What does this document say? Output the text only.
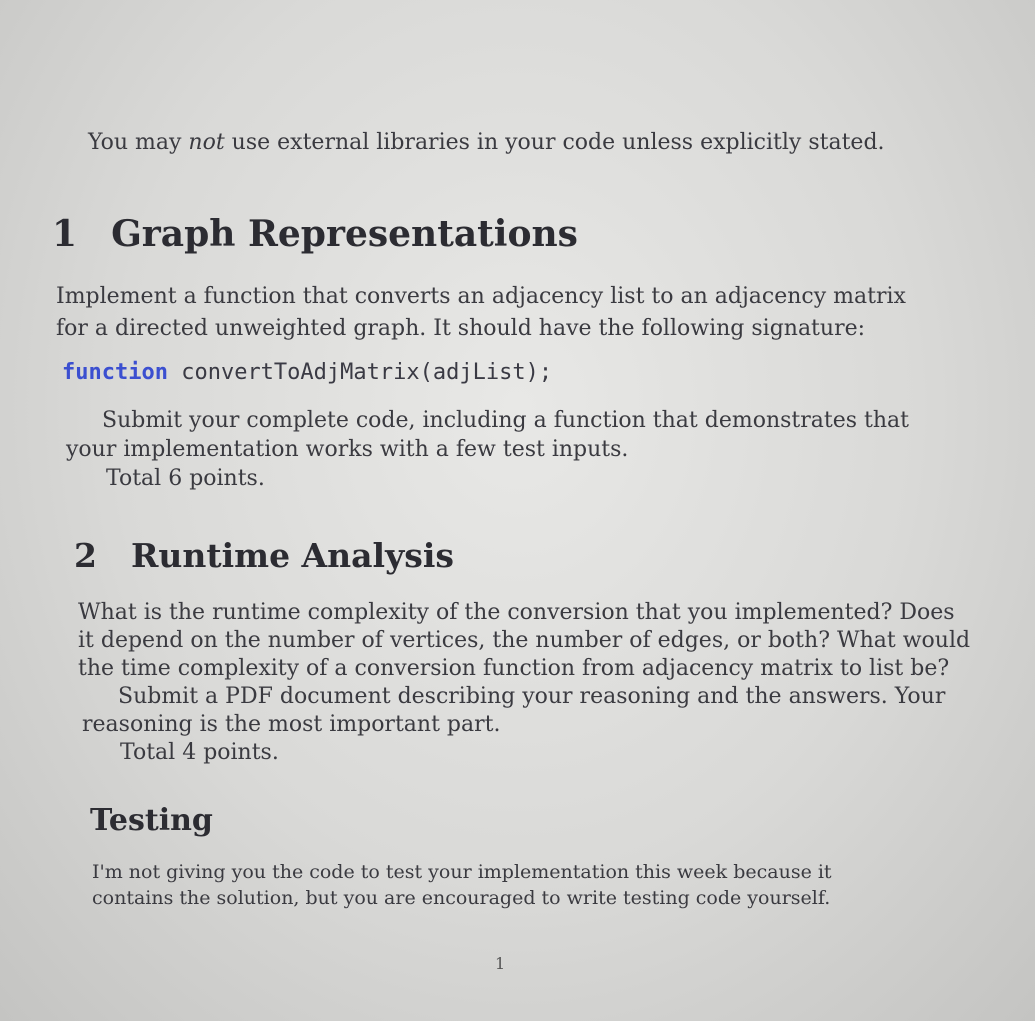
You may not use external libraries in your code unless explicitly stated.
1 Graph Representations
Implement a function that converts an adjacency list to an adjacency matrix
for a directed unweighted graph. It should have the following signature:
function convertToAdjMatrix(adjList);
Submit your complete code, including a function that demonstrates that
your implementation works with a few test inputs.
Total 6 points.
2 Runtime Analysis
What is the runtime complexity of the conversion that you implemented? Does
it depend on the number of vertices, the number of edges, or both? What would
the time complexity of a conversion function from adjacency matrix to list be?
Submit a PDF document describing your reasoning and the answers. Your
reasoning is the most important part.
Total 4 points.
Testing
I'm not giving you the code to test your implementation this week because it
contains the solution, but you are encouraged to write testing code yourself.
1
